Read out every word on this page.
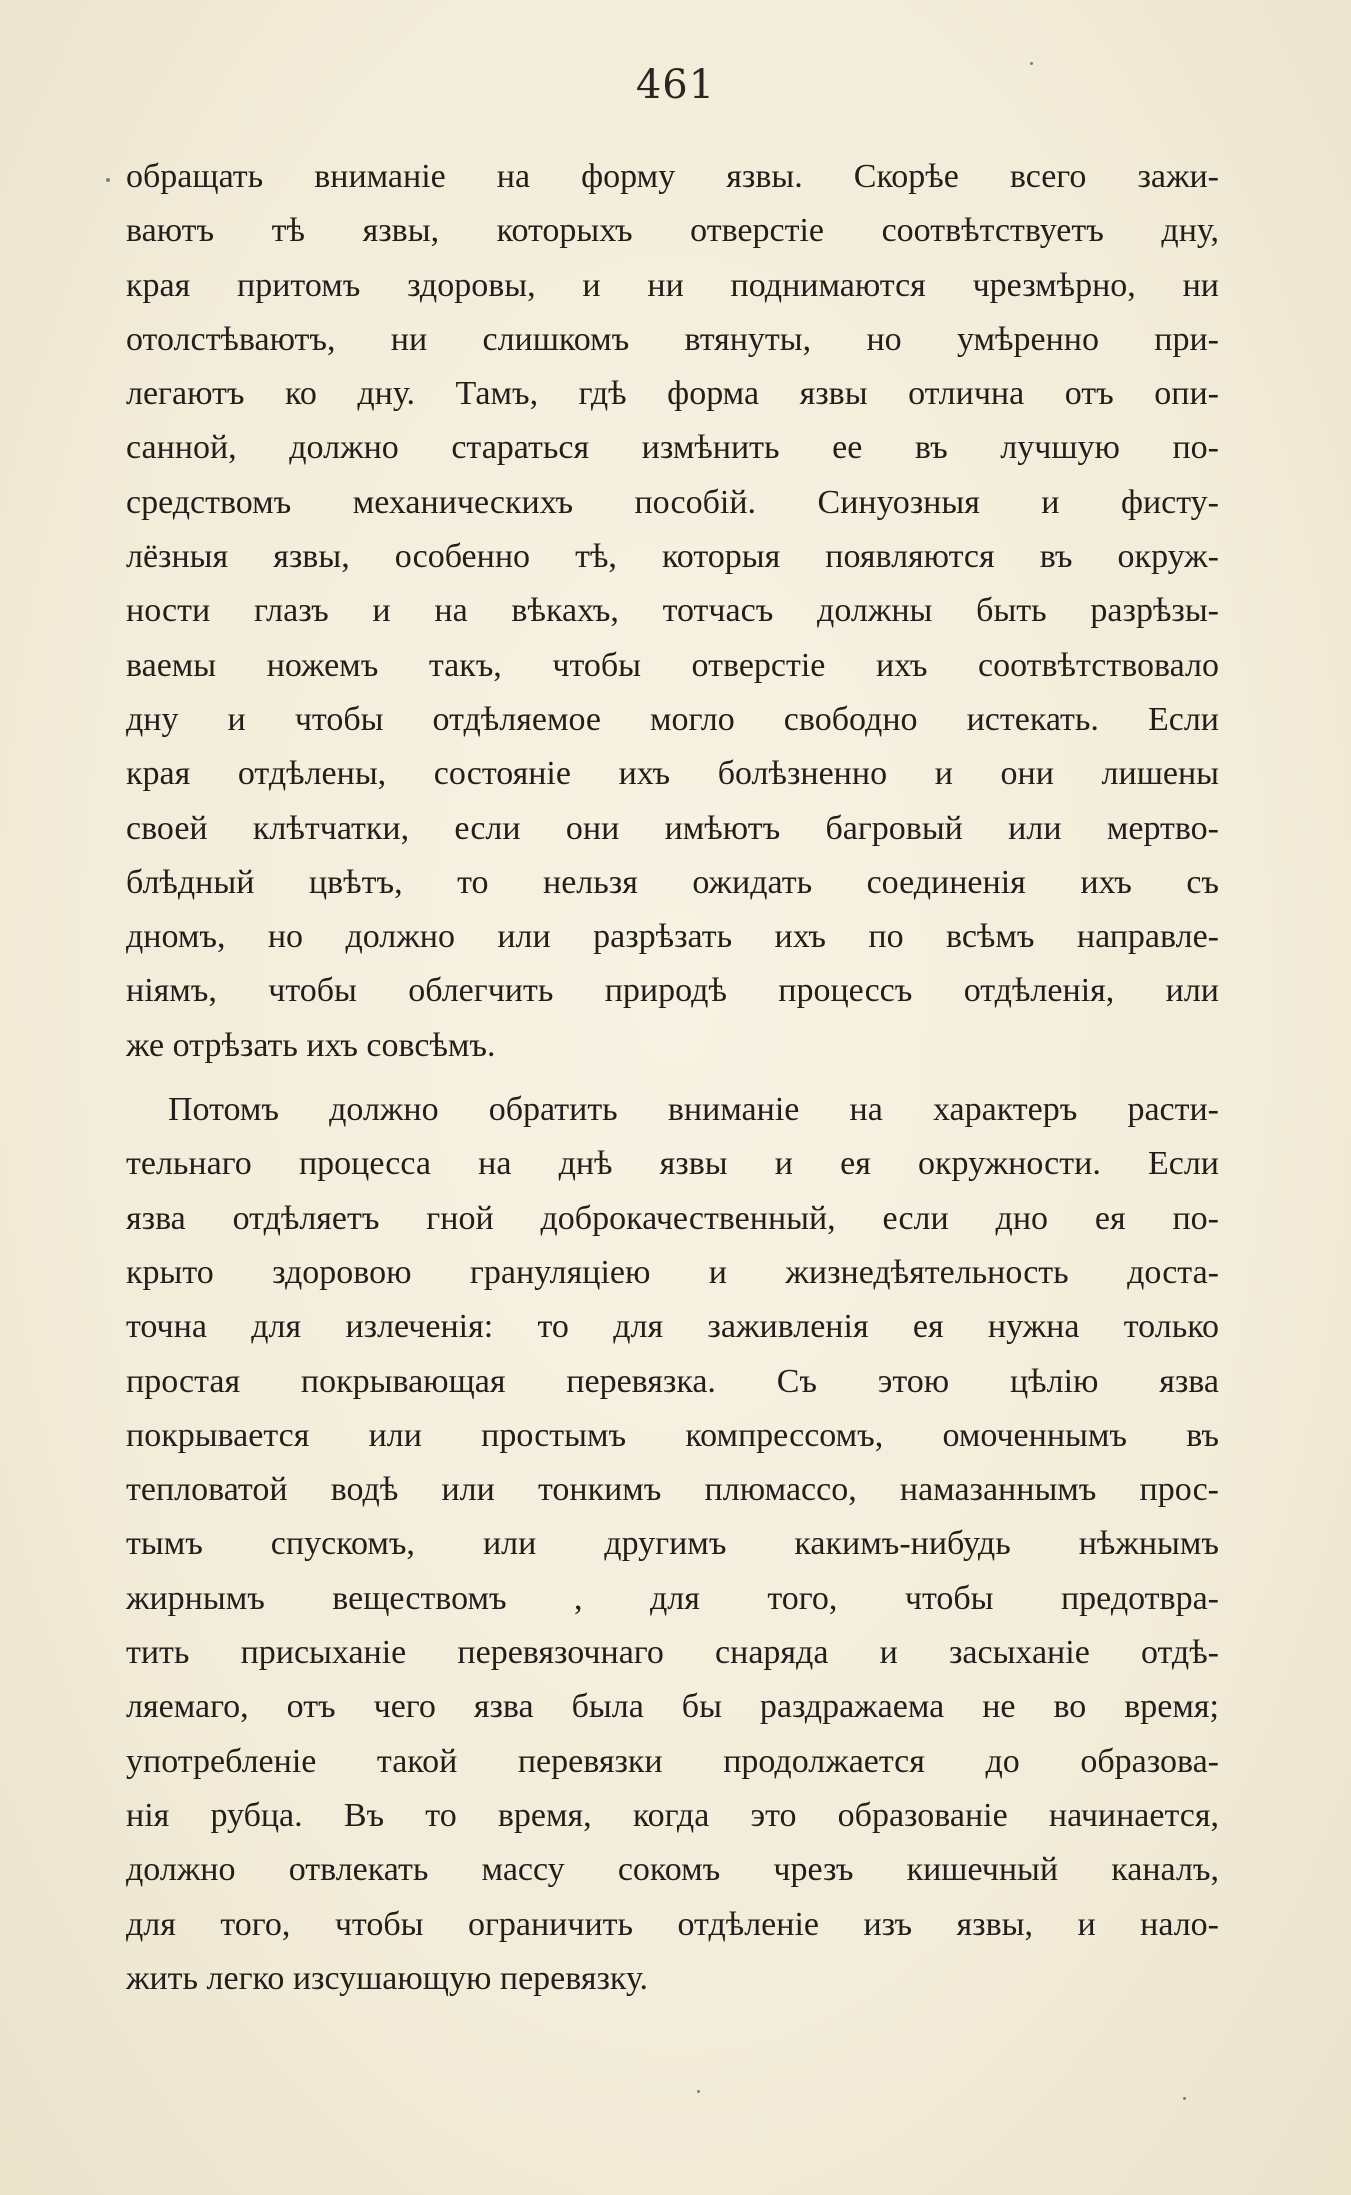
461
обращать вниманіе на форму язвы. Скорѣе всего зажи-
ваютъ тѣ язвы, которыхъ отверстіе соотвѣтствуетъ дну,
края притомъ здоровы, и ни поднимаются чрезмѣрно, ни
отолстѣваютъ, ни слишкомъ втянуты, но умѣренно при-
легаютъ ко дну. Тамъ, гдѣ форма язвы отлична отъ опи-
санной, должно стараться измѣнить ее въ лучшую по-
средствомъ механическихъ пособій. Синуозныя и фисту-
лёзныя язвы, особенно тѣ, которыя появляются въ окруж-
ности глазъ и на вѣкахъ, тотчасъ должны быть разрѣзы-
ваемы ножемъ такъ, чтобы отверстіе ихъ соотвѣтствовало
дну и чтобы отдѣляемое могло свободно истекать. Если
края отдѣлены, состояніе ихъ болѣзненно и они лишены
своей клѣтчатки, если они имѣютъ багровый или мертво-
блѣдный цвѣтъ, то нельзя ожидать соединенія ихъ съ
дномъ, но должно или разрѣзать ихъ по всѣмъ направле-
ніямъ, чтобы облегчить природѣ процессъ отдѣленія, или
же отрѣзать ихъ совсѣмъ.
Потомъ должно обратить вниманіе на характеръ расти-
тельнаго процесса на днѣ язвы и ея окружности. Если
язва отдѣляетъ гной доброкачественный, если дно ея по-
крыто здоровою грануляціею и жизнедѣятельность доста-
точна для излеченія: то для заживленія ея нужна только
простая покрывающая перевязка. Съ этою цѣлію язва
покрывается или простымъ компрессомъ, омоченнымъ въ
тепловатой водѣ или тонкимъ плюмассо, намазаннымъ прос-
тымъ спускомъ, или другимъ какимъ-нибудь нѣжнымъ
жирнымъ веществомъ , для того, чтобы предотвра-
тить присыханіе перевязочнаго снаряда и засыханіе отдѣ-
ляемаго, отъ чего язва была бы раздражаема не во время;
употребленіе такой перевязки продолжается до образова-
нія рубца. Въ то время, когда это образованіе начинается,
должно отвлекать массу сокомъ чрезъ кишечный каналъ,
для того, чтобы ограничить отдѣленіе изъ язвы, и нало-
жить легко изсушающую перевязку.
